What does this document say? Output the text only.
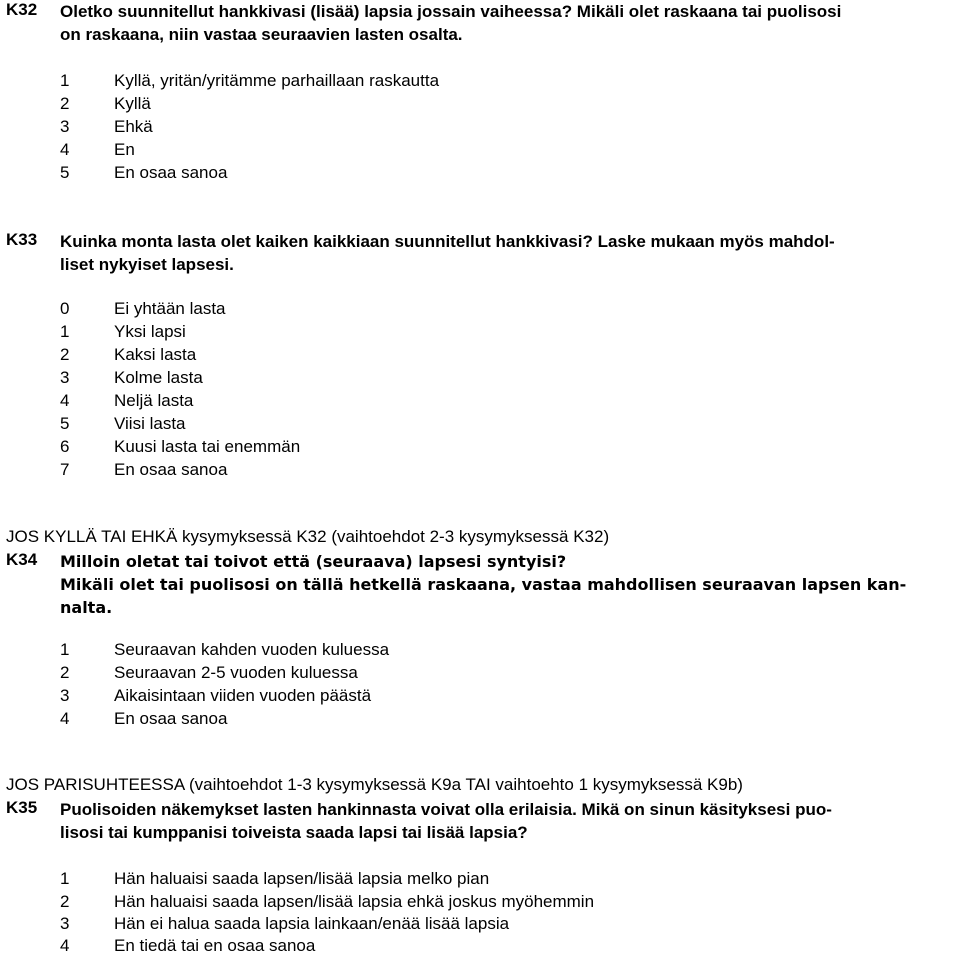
K32 Oletko suunnitellut hankkivasi (lisää) lapsia jossain vaiheessa? Mikäli olet raskaana tai puolisosi
on raskaana, niin vastaa seuraavien lasten osalta.
1	Kyllä, yritän/yritämme parhaillaan raskautta
2	Kyllä
3	Ehkä
4	En
5	En osaa sanoa
K33 Kuinka monta lasta olet kaiken kaikkiaan suunnitellut hankkivasi? Laske mukaan myös mahdol-
liset nykyiset lapsesi.
0	Ei yhtään lasta
1	Yksi lapsi
2	Kaksi lasta
3	Kolme lasta
4	Neljä lasta
5	Viisi lasta
6	Kuusi lasta tai enemmän
7	En osaa sanoa
JOS KYLLÄ TAI EHKÄ kysymyksessä K32 (vaihtoehdot 2-3 kysymyksessä K32)
K34 Milloin oletat tai toivot että (seuraava) lapsesi syntyisi?
Mikäli olet tai puolisosi on tällä hetkellä raskaana, vastaa mahdollisen seuraavan lapsen kan-
nalta.
1	Seuraavan kahden vuoden kuluessa
2	Seuraavan 2-5 vuoden kuluessa
3	Aikaisintaan viiden vuoden päästä
4	En osaa sanoa
JOS PARISUHTEESSA (vaihtoehdot 1-3 kysymyksessä K9a TAI vaihtoehto 1 kysymyksessä K9b)
K35 Puolisoiden näkemykset lasten hankinnasta voivat olla erilaisia. Mikä on sinun käsityksesi puo-
lisosi tai kumppanisi toiveista saada lapsi tai lisää lapsia?
1	Hän haluaisi saada lapsen/lisää lapsia melko pian
2	Hän haluaisi saada lapsen/lisää lapsia ehkä joskus myöhemmin
3	Hän ei halua saada lapsia lainkaan/enää lisää lapsia
4	En tiedä tai en osaa sanoa
